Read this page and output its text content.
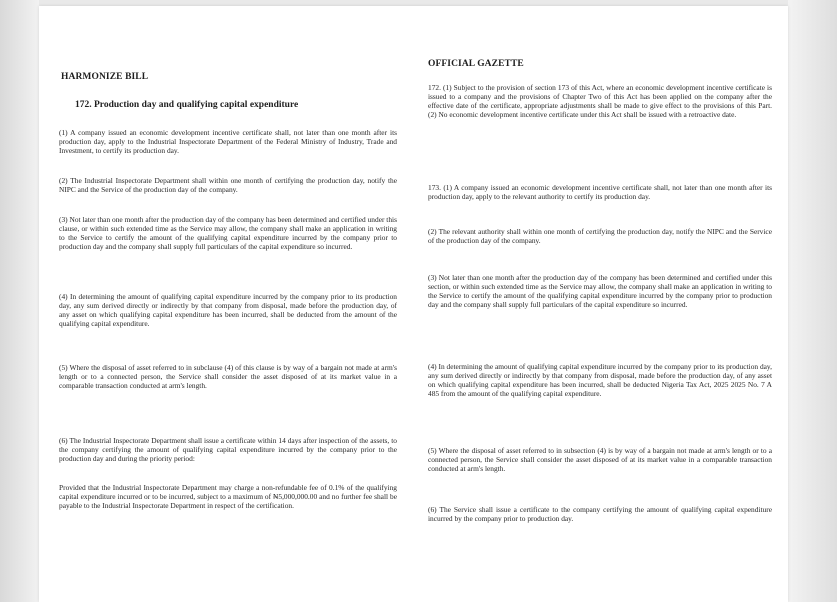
HARMONIZE BILL
172. Production day and qualifying capital expenditure

(1) A company issued an economic development incentive certificate shall, not later than one month after its production day, apply to the Industrial Inspectorate Department of the Federal Ministry of Industry, Trade and Investment, to certify its production day.

(2) The Industrial Inspectorate Department shall within one month of certifying the production day, notify the NIPC and the Service of the production day of the company.

(3) Not later than one month after the production day of the company has been determined and certified under this clause, or within such extended time as the Service may allow, the company shall make an application in writing to the Service to certify the amount of the qualifying capital expenditure incurred by the company prior to production day and the company shall supply full particulars of the capital expenditure so incurred.

(4) In determining the amount of qualifying capital expenditure incurred by the company prior to its production day, any sum derived directly or indirectly by that company from disposal, made before the production day, of any asset on which qualifying capital expenditure has been incurred, shall be deducted from the amount of the qualifying capital expenditure.

(5) Where the disposal of asset referred to in subclause (4) of this clause is by way of a bargain not made at arm's length or to a connected person, the Service shall consider the asset disposed of at its market value in a comparable transaction conducted at arm's length.

(6) The Industrial Inspectorate Department shall issue a certificate within 14 days after inspection of the assets, to the company certifying the amount of qualifying capital expenditure incurred by the company prior to the production day and during the priority period:

Provided that the Industrial Inspectorate Department may charge a non-refundable fee of 0.1% of the qualifying capital expenditure incurred or to be incurred, subject to a maximum of ₦5,000,000.00 and no further fee shall be payable to the Industrial Inspectorate Department in respect of the certification.

OFFICIAL GAZETTE

172. (1) Subject to the provision of section 173 of this Act, where an economic development incentive certificate is issued to a company and the provisions of Chapter Two of this Act has been applied on the company after the effective date of the certificate, appropriate adjustments shall be made to give effect to the provisions of this Part. (2) No economic development incentive certificate under this Act shall be issued with a retroactive date.

173. (1) A company issued an economic development incentive certificate shall, not later than one month after its production day, apply to the relevant authority to certify its production day.

(2) The relevant authority shall within one month of certifying the production day, notify the NIPC and the Service of the production day of the company.

(3) Not later than one month after the production day of the company has been determined and certified under this section, or within such extended time as the Service may allow, the company shall make an application in writing to the Service to certify the amount of the qualifying capital expenditure incurred by the company prior to production day and the company shall supply full particulars of the capital expenditure so incurred.

(4) In determining the amount of qualifying capital expenditure incurred by the company prior to its production day, any sum derived directly or indirectly by that company from disposal, made before the production day, of any asset on which qualifying capital expenditure has been incurred, shall be deducted Nigeria Tax Act, 2025 2025 No. 7 A 485 from the amount of the qualifying capital expenditure.

(5) Where the disposal of asset referred to in subsection (4) is by way of a bargain not made at arm's length or to a connected person, the Service shall consider the asset disposed of at its market value in a comparable transaction conducted at arm's length.

(6) The Service shall issue a certificate to the company certifying the amount of qualifying capital expenditure incurred by the company prior to production day.
